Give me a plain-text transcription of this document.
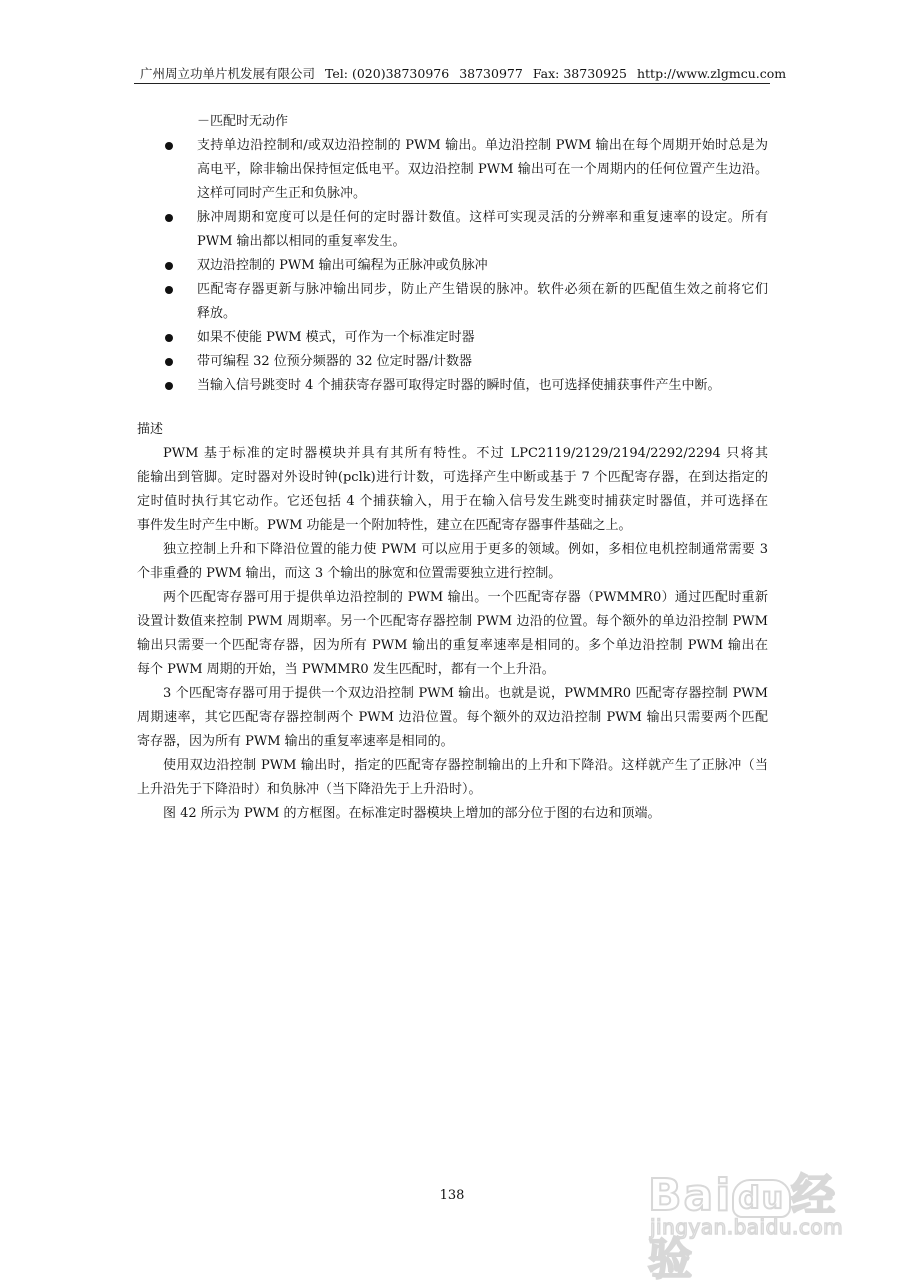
广州周立功单片机发展有限公司 Tel: (020)38730976 38730977 Fax: 38730925 http://www.zlgmcu.com
－匹配时无动作
支持单边沿控制和/或双边沿控制的 PWM 输出。单边沿控制 PWM 输出在每个周期开始时总是为
高电平，除非输出保持恒定低电平。双边沿控制 PWM 输出可在一个周期内的任何位置产生边沿。
这样可同时产生正和负脉冲。
脉冲周期和宽度可以是任何的定时器计数值。这样可实现灵活的分辨率和重复速率的设定。所有
PWM 输出都以相同的重复率发生。
双边沿控制的 PWM 输出可编程为正脉冲或负脉冲
匹配寄存器更新与脉冲输出同步，防止产生错误的脉冲。软件必须在新的匹配值生效之前将它们
释放。
如果不使能 PWM 模式，可作为一个标准定时器
带可编程 32 位预分频器的 32 位定时器/计数器
当输入信号跳变时 4 个捕获寄存器可取得定时器的瞬时值，也可选择使捕获事件产生中断。
描述
PWM 基于标准的定时器模块并具有其所有特性。不过 LPC2119/2129/2194/2292/2294 只将其
能输出到管脚。定时器对外设时钟(pclk)进行计数，可选择产生中断或基于 7 个匹配寄存器，在到达指定的
定时值时执行其它动作。它还包括 4 个捕获输入，用于在输入信号发生跳变时捕获定时器值，并可选择在
事件发生时产生中断。PWM 功能是一个附加特性，建立在匹配寄存器事件基础之上。
独立控制上升和下降沿位置的能力使 PWM 可以应用于更多的领域。例如，多相位电机控制通常需要 3
个非重叠的 PWM 输出，而这 3 个输出的脉宽和位置需要独立进行控制。
两个匹配寄存器可用于提供单边沿控制的 PWM 输出。一个匹配寄存器（PWMMR0）通过匹配时重新
设置计数值来控制 PWM 周期率。另一个匹配寄存器控制 PWM 边沿的位置。每个额外的单边沿控制 PWM
输出只需要一个匹配寄存器，因为所有 PWM 输出的重复率速率是相同的。多个单边沿控制 PWM 输出在
每个 PWM 周期的开始，当 PWMMR0 发生匹配时，都有一个上升沿。
3 个匹配寄存器可用于提供一个双边沿控制 PWM 输出。也就是说，PWMMR0 匹配寄存器控制 PWM
周期速率，其它匹配寄存器控制两个 PWM 边沿位置。每个额外的双边沿控制 PWM 输出只需要两个匹配
寄存器，因为所有 PWM 输出的重复率速率是相同的。
使用双边沿控制 PWM 输出时，指定的匹配寄存器控制输出的上升和下降沿。这样就产生了正脉冲（当
上升沿先于下降沿时）和负脉冲（当下降沿先于上升沿时）。
图 42 所示为 PWM 的方框图。在标准定时器模块上增加的部分位于图的右边和顶端。
138	Bai du 经验
jingyan.baidu.com
